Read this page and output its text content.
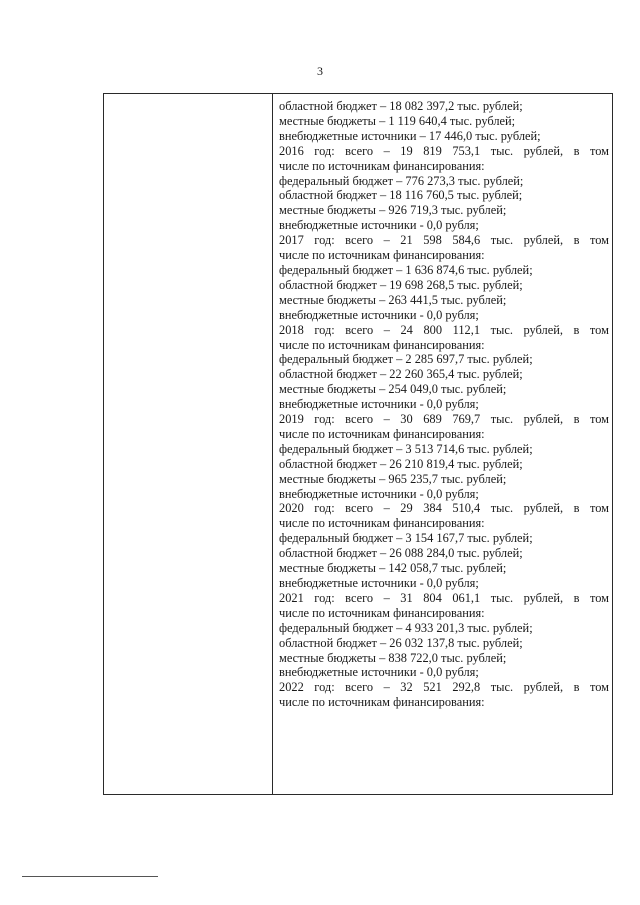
3
областной бюджет – 18 082 397,2 тыс. рублей;
местные бюджеты – 1 119 640,4 тыс. рублей;
внебюджетные источники – 17 446,0 тыс. рублей;
2016 год: всего – 19 819 753,1 тыс. рублей, в том
числе по источникам финансирования:
федеральный бюджет – 776 273,3 тыс. рублей;
областной бюджет – 18 116 760,5 тыс. рублей;
местные бюджеты – 926 719,3 тыс. рублей;
внебюджетные источники - 0,0 рубля;
2017 год: всего – 21 598 584,6 тыс. рублей, в том
числе по источникам финансирования:
федеральный бюджет – 1 636 874,6 тыс. рублей;
областной бюджет – 19 698 268,5 тыс. рублей;
местные бюджеты – 263 441,5 тыс. рублей;
внебюджетные источники - 0,0 рубля;
2018 год: всего – 24 800 112,1 тыс. рублей, в том
числе по источникам финансирования:
федеральный бюджет – 2 285 697,7 тыс. рублей;
областной бюджет – 22 260 365,4 тыс. рублей;
местные бюджеты – 254 049,0 тыс. рублей;
внебюджетные источники - 0,0 рубля;
2019 год: всего – 30 689 769,7 тыс. рублей, в том
числе по источникам финансирования:
федеральный бюджет – 3 513 714,6 тыс. рублей;
областной бюджет – 26 210 819,4 тыс. рублей;
местные бюджеты – 965 235,7 тыс. рублей;
внебюджетные источники - 0,0 рубля;
2020 год: всего – 29 384 510,4 тыс. рублей, в том
числе по источникам финансирования:
федеральный бюджет – 3 154 167,7 тыс. рублей;
областной бюджет – 26 088 284,0 тыс. рублей;
местные бюджеты – 142 058,7 тыс. рублей;
внебюджетные источники - 0,0 рубля;
2021 год: всего – 31 804 061,1 тыс. рублей, в том
числе по источникам финансирования:
федеральный бюджет – 4 933 201,3 тыс. рублей;
областной бюджет – 26 032 137,8 тыс. рублей;
местные бюджеты – 838 722,0 тыс. рублей;
внебюджетные источники - 0,0 рубля;
2022 год: всего – 32 521 292,8 тыс. рублей, в том
числе по источникам финансирования:
